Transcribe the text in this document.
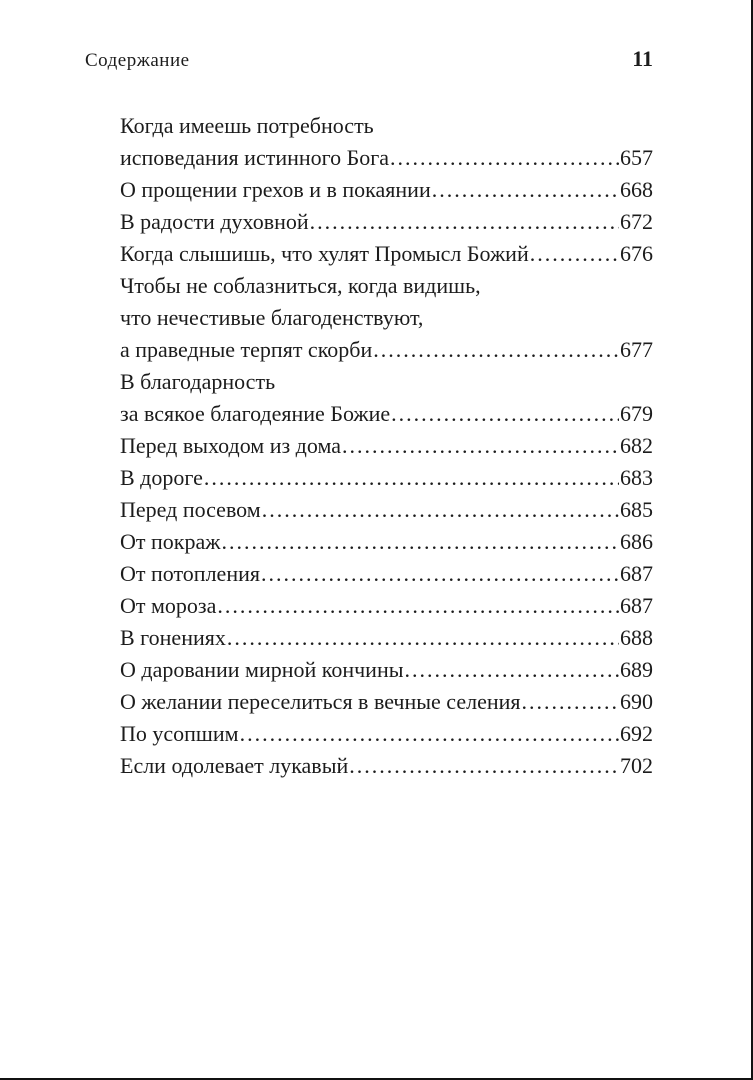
Содержание	11
Когда имеешь потребность
исповедания истинного Бога .....	657
О прощении грехов и в покаянии .....	668
В радости духовной .....	672
Когда слышишь, что хулят Промысл Божий .....	676
Чтобы не соблазниться, когда видишь,
что нечестивые благоденствуют,
а праведные терпят скорби .....	677
В благодарность
за всякое благодеяние Божие .....	679
Перед выходом из дома .....	682
В дороге .....	683
Перед посевом .....	685
От покраж .....	686
От потопления .....	687
От мороза .....	687
В гонениях .....	688
О даровании мирной кончины .....	689
О желании переселиться в вечные селения .....	690
По усопшим .....	692
Если одолевает лукавый .....	702
